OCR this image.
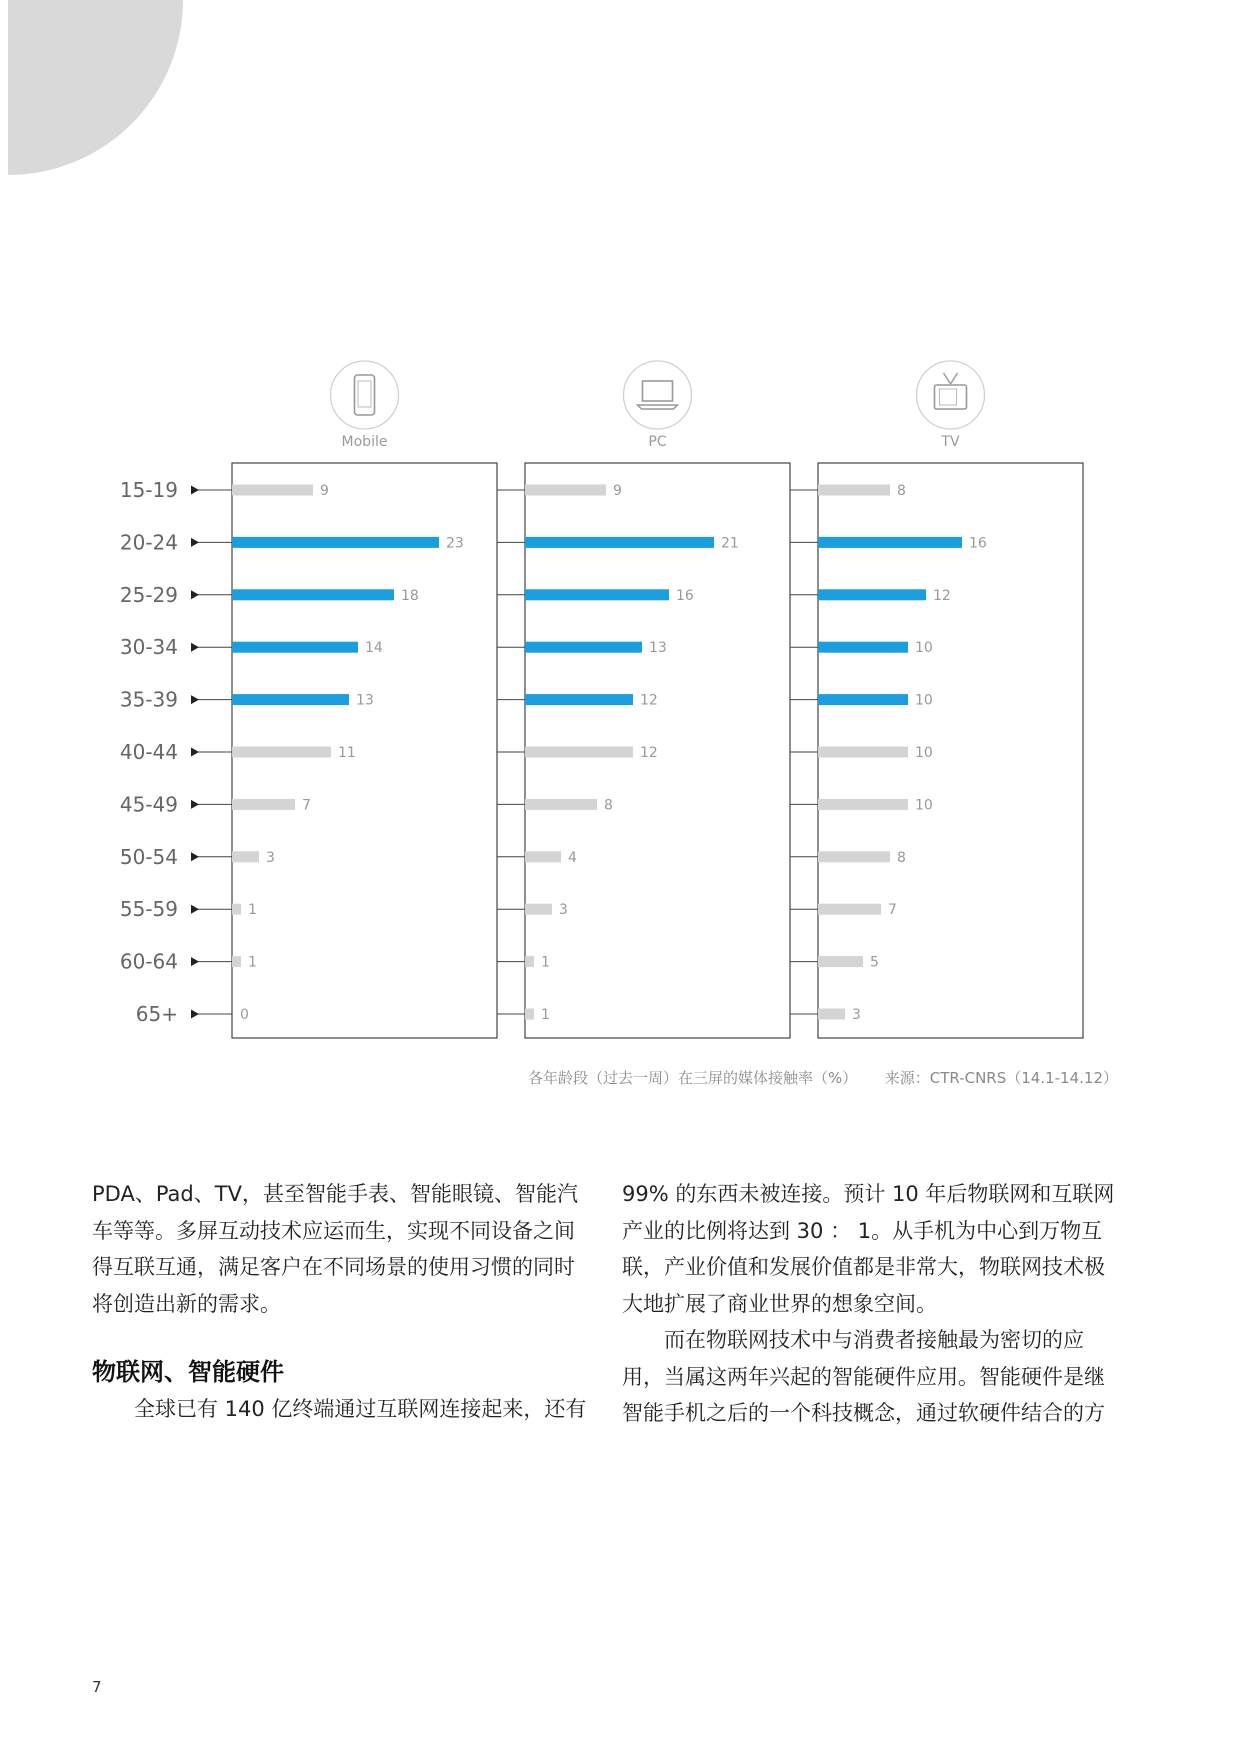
Mobile	PC	TV
15-19	9	9	8
20-24	23	21	16
25-29	18	16	12
30-34	14	13	10
35-39	13	12	10
40-44	11	12	10
45-49	7	8	10
50-54	3	4	8
55-59	1	3	7
60-64	1	1	5
65+	0	1	3
各年龄段（过去一周）在三屏的媒体接触率（%） 来源：CTR-CNRS（14.1-14.12）

PDA、Pad、TV，甚至智能手表、智能眼镜、智能汽车等等。多屏互动技术应运而生，实现不同设备之间得互联互通，满足客户在不同场景的使用习惯的同时将创造出新的需求。

物联网、智能硬件

全球已有 140 亿终端通过互联网连接起来，还有

99% 的东西未被连接。预计 10 年后物联网和互联网产业的比例将达到 30 ： 1。从手机为中心到万物互联，产业价值和发展价值都是非常大，物联网技术极大地扩展了商业世界的想象空间。

而在物联网技术中与消费者接触最为密切的应用，当属这两年兴起的智能硬件应用。智能硬件是继智能手机之后的一个科技概念，通过软硬件结合的方

7
